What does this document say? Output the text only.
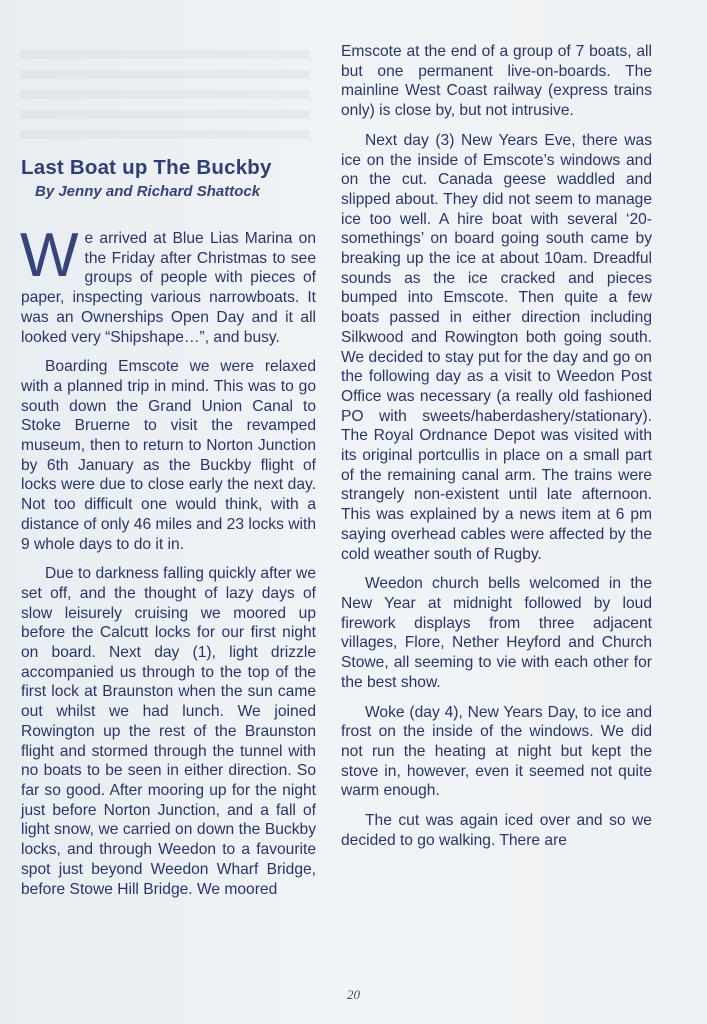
Last Boat up The Buckby
By Jenny and Richard Shattock

We arrived at Blue Lias Marina on the Friday after Christmas to see groups of people with pieces of paper, inspecting various narrowboats. It was an Ownerships Open Day and it all looked very “Shipshape…”, and busy.

Boarding Emscote we were relaxed with a planned trip in mind. This was to go south down the Grand Union Canal to Stoke Bruerne to visit the revamped museum, then to return to Norton Junction by 6th January as the Buckby flight of locks were due to close early the next day. Not too difficult one would think, with a distance of only 46 miles and 23 locks with 9 whole days to do it in.

Due to darkness falling quickly after we set off, and the thought of lazy days of slow leisurely cruising we moored up before the Calcutt locks for our first night on board. Next day (1), light drizzle accompanied us through to the top of the first lock at Braunston when the sun came out whilst we had lunch. We joined Rowington up the rest of the Braunston flight and stormed through the tunnel with no boats to be seen in either direction. So far so good. After mooring up for the night just before Norton Junction, and a fall of light snow, we carried on down the Buckby locks, and through Weedon to a favourite spot just beyond Weedon Wharf Bridge, before Stowe Hill Bridge. We moored

Emscote at the end of a group of 7 boats, all but one permanent live-on-boards. The mainline West Coast railway (express trains only) is close by, but not intrusive.

Next day (3) New Years Eve, there was ice on the inside of Emscote’s windows and on the cut. Canada geese waddled and slipped about. They did not seem to manage ice too well. A hire boat with several ‘20-somethings’ on board going south came by breaking up the ice at about 10am. Dreadful sounds as the ice cracked and pieces bumped into Emscote. Then quite a few boats passed in either direction including Silkwood and Rowington both going south. We decided to stay put for the day and go on the following day as a visit to Weedon Post Office was necessary (a really old fashioned PO with sweets/haberdashery/stationary). The Royal Ordnance Depot was visited with its original portcullis in place on a small part of the remaining canal arm. The trains were strangely non-existent until late afternoon. This was explained by a news item at 6 pm saying overhead cables were affected by the cold weather south of Rugby.

Weedon church bells welcomed in the New Year at midnight followed by loud firework displays from three adjacent villages, Flore, Nether Heyford and Church Stowe, all seeming to vie with each other for the best show.

Woke (day 4), New Years Day, to ice and frost on the inside of the windows. We did not run the heating at night but kept the stove in, however, even it seemed not quite warm enough.

The cut was again iced over and so we decided to go walking. There are

20
